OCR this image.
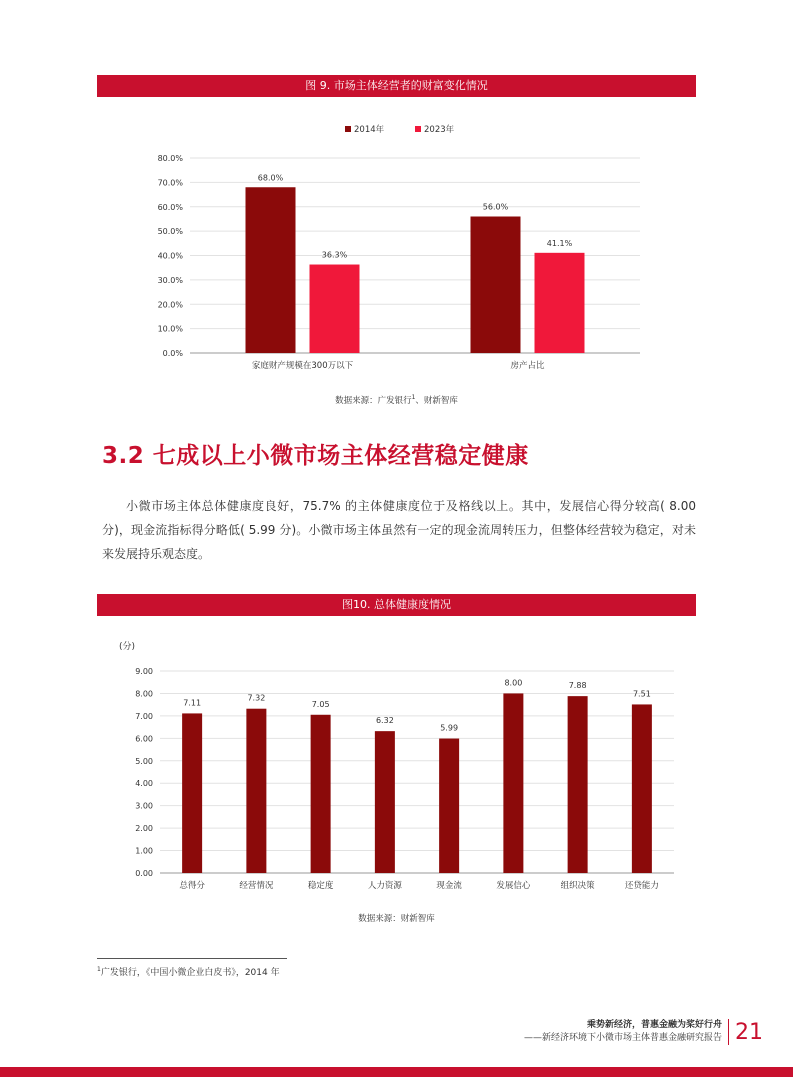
图 9. 市场主体经营者的财富变化情况
2014年	2023年
0.0%
10.0%
20.0%
30.0%
40.0%
50.0%
60.0%
70.0%
80.0%
68.0%
36.3%
56.0%
41.1%
家庭财产规模在300万以下	房产占比
数据来源：广发银行$^1$、财新智库
3.2 七成以上小微市场主体经营稳定健康
小微市场主体总体健康度良好，75.7% 的主体健康度位于及格线以上。其中，发展信心得分较高( 8.00 分)，现金流指标得分略低( 5.99 分)。小微市场主体虽然有一定的现金流周转压力，但整体经营较为稳定，对未来发展持乐观态度。
图10. 总体健康度情况
(分)
0.00
1.00
2.00
3.00
4.00
5.00
6.00
7.00
8.00
9.00
7.11
7.32
7.05
6.32
5.99
8.00	7.88
7.51
总得分	经营情况	稳定度	人力资源	现金流	发展信心	组织决策	还贷能力
数据来源：财新智库
$^1$广发银行，《中国小微企业白皮书》，2014 年
乘势新经济，普惠金融为桨好行舟
——新经济环境下小微市场主体普惠金融研究报告 21
